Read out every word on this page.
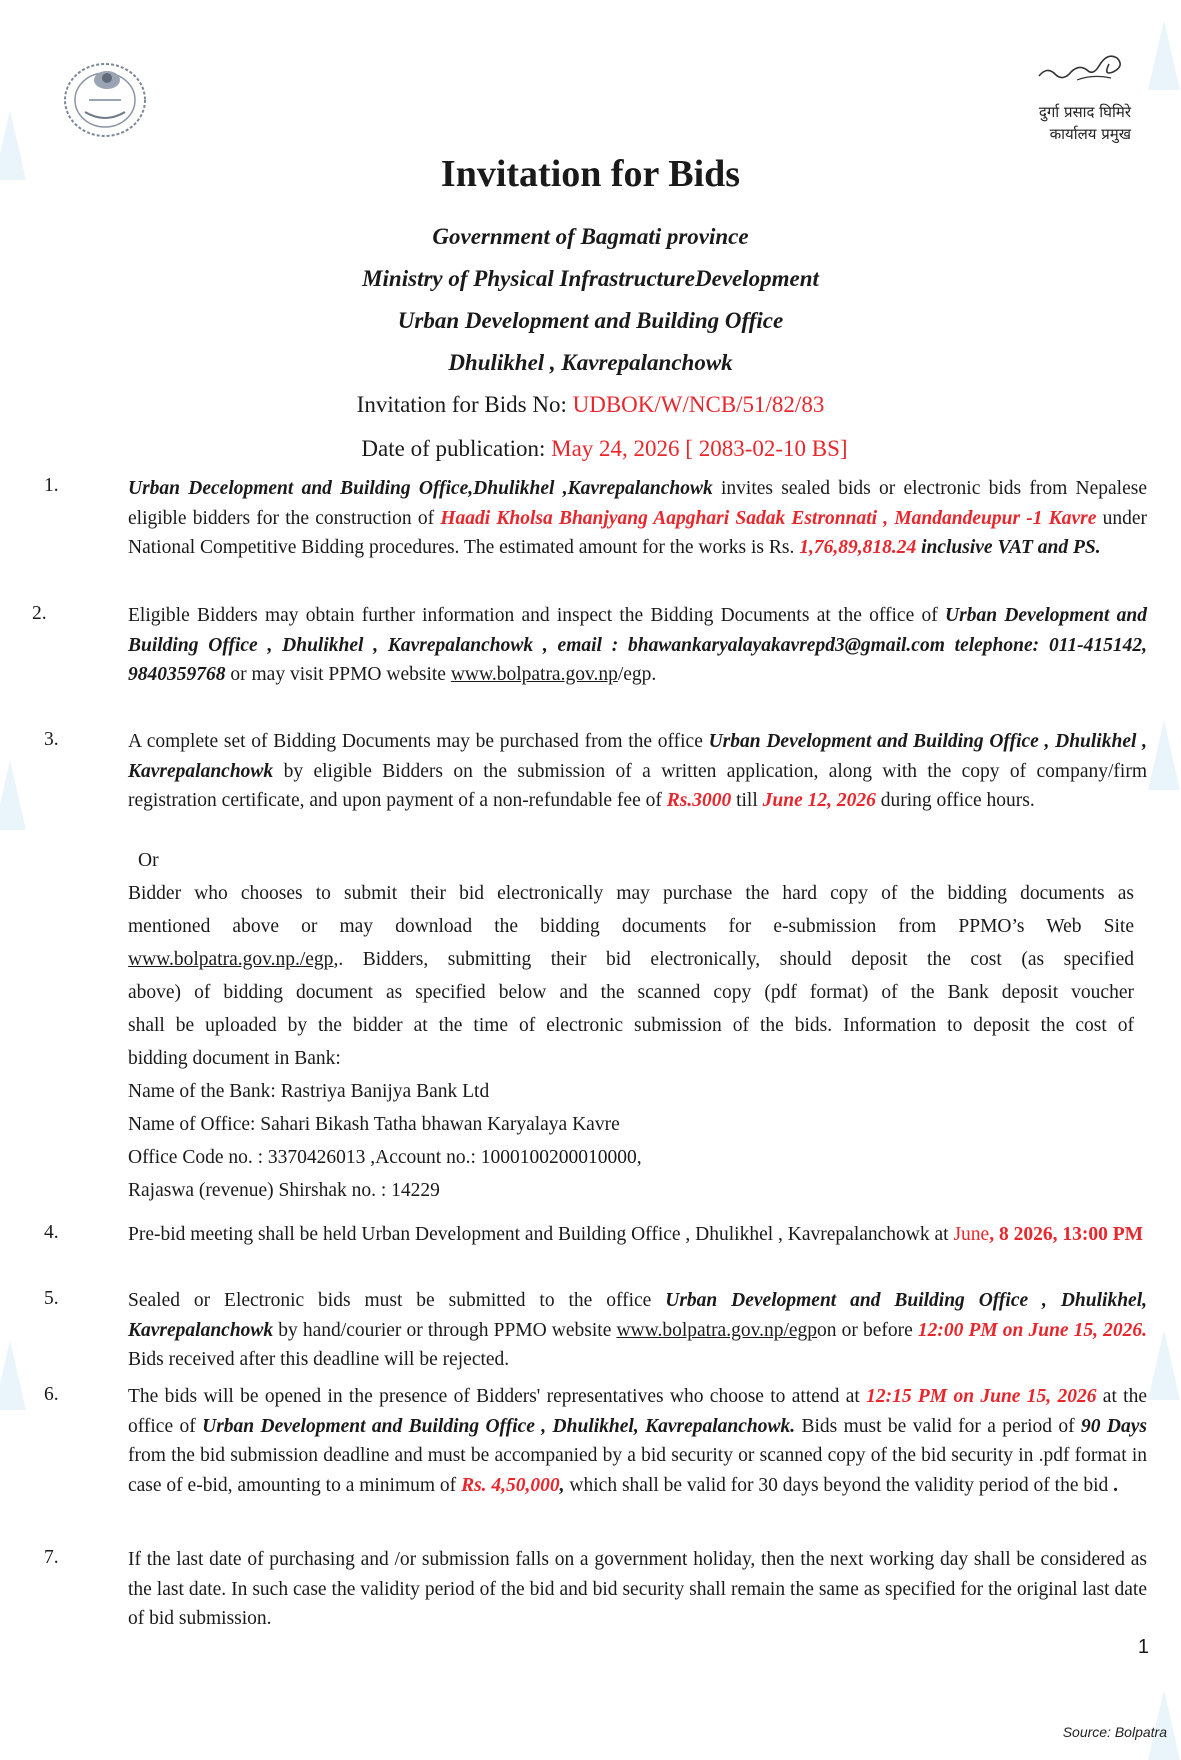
दुर्गा प्रसाद घिमिरे
कार्यालय प्रमुख
Invitation for Bids
Government of Bagmati province
Ministry of Physical InfrastructureDevelopment
Urban Development and Building Office
Dhulikhel , Kavrepalanchowk
Invitation for Bids No: UDBOK/W/NCB/51/82/83
Date of publication: May 24, 2026 [ 2083-02-10 BS]
1.	Urban Decelopment and Building Office,Dhulikhel ,Kavrepalanchowk invites sealed bids or electronic bids from Nepalese eligible bidders for the construction of Haadi Kholsa Bhanjyang Aapghari Sadak Estronnati , Mandandeupur -1 Kavre under National Competitive Bidding procedures. The estimated amount for the works is Rs. 1,76,89,818.24 inclusive VAT and PS.
2.	Eligible Bidders may obtain further information and inspect the Bidding Documents at the office of Urban Development and Building Office , Dhulikhel , Kavrepalanchowk , email : bhawankaryalayakavrepd3@gmail.com telephone: 011-415142, 9840359768 or may visit PPMO website www.bolpatra.gov.np/egp.
3.	A complete set of Bidding Documents may be purchased from the office Urban Development and Building Office , Dhulikhel , Kavrepalanchowk by eligible Bidders on the submission of a written application, along with the copy of company/firm registration certificate, and upon payment of a non-refundable fee of Rs.3000 till June 12, 2026 during office hours.
Or
Bidder who chooses to submit their bid electronically may purchase the hard copy of the bidding documents as
mentioned above or may download the bidding documents for e-submission from PPMO’s Web Site
www.bolpatra.gov.np./egp,. Bidders, submitting their bid electronically, should deposit the cost (as specified
above) of bidding document as specified below and the scanned copy (pdf format) of the Bank deposit voucher
shall be uploaded by the bidder at the time of electronic submission of the bids. Information to deposit the cost of
bidding document in Bank:
Name of the Bank: Rastriya Banijya Bank Ltd
Name of Office: Sahari Bikash Tatha bhawan Karyalaya Kavre
Office Code no. : 3370426013 ,Account no.: 1000100200010000,
Rajaswa (revenue) Shirshak no. : 14229
4.	Pre-bid meeting shall be held Urban Development and Building Office , Dhulikhel , Kavrepalanchowk at June, 8 2026, 13:00 PM
5.	Sealed or Electronic bids must be submitted to the office Urban Development and Building Office , Dhulikhel, Kavrepalanchowk by hand/courier or through PPMO website www.bolpatra.gov.np/egpon or before 12:00 PM on June 15, 2026. Bids received after this deadline will be rejected.
6.	The bids will be opened in the presence of Bidders' representatives who choose to attend at 12:15 PM on June 15, 2026 at the office of Urban Development and Building Office , Dhulikhel, Kavrepalanchowk. Bids must be valid for a period of 90 Days from the bid submission deadline and must be accompanied by a bid security or scanned copy of the bid security in .pdf format in case of e-bid, amounting to a minimum of Rs. 4,50,000, which shall be valid for 30 days beyond the validity period of the bid .
7.	If the last date of purchasing and /or submission falls on a government holiday, then the next working day shall be considered as the last date. In such case the validity period of the bid and bid security shall remain the same as specified for the original last date of bid submission.
1
Source: Bolpatra
